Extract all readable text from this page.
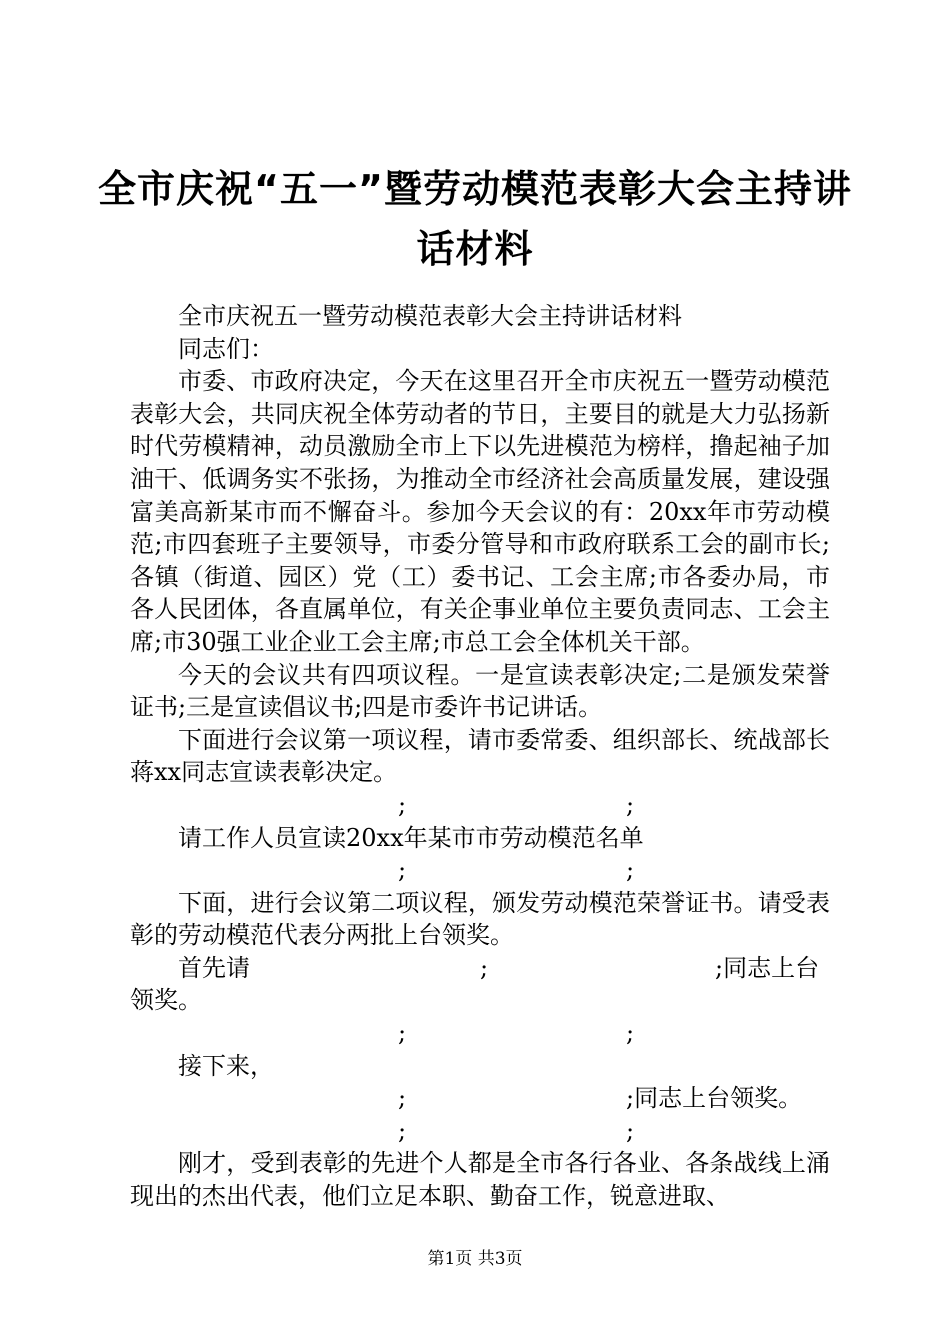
全市庆祝“五一”暨劳动模范表彰大会主持讲
话材料

全市庆祝五一暨劳动模范表彰大会主持讲话材料

同志们：

市委、市政府决定，今天在这里召开全市庆祝五一暨劳动模范表彰大会，共同庆祝全体劳动者的节日，主要目的就是大力弘扬新时代劳模精神，动员激励全市上下以先进模范为榜样，撸起袖子加油干、低调务实不张扬，为推动全市经济社会高质量发展，建设强富美高新某市而不懈奋斗。参加今天会议的有：20xx年市劳动模范;市四套班子主要领导，市委分管导和市政府联系工会的副市长;各镇（街道、园区）党（工）委书记、工会主席;市各委办局，市各人民团体，各直属单位，有关企事业单位主要负责同志、工会主席;市30强工业企业工会主席;市总工会全体机关干部。

今天的会议共有四项议程。一是宣读表彰决定;二是颁发荣誉证书;三是宣读倡议书;四是市委许书记讲话。

下面进行会议第一项议程，请市委常委、组织部长、统战部长蒋xx同志宣读表彰决定。

;	;

请工作人员宣读20xx年某市市劳动模范名单

;	;

下面，进行会议第二项议程，颁发劳动模范荣誉证书。请受表彰的劳动模范代表分两批上台领奖。

首先请	;	;同志上台
领奖。
;	;

接下来，

;	;同志上台领奖。
;	;

刚才，受到表彰的先进个人都是全市各行各业、各条战线上涌现出的杰出代表，他们立足本职、勤奋工作，锐意进取、

第1页 共3页
